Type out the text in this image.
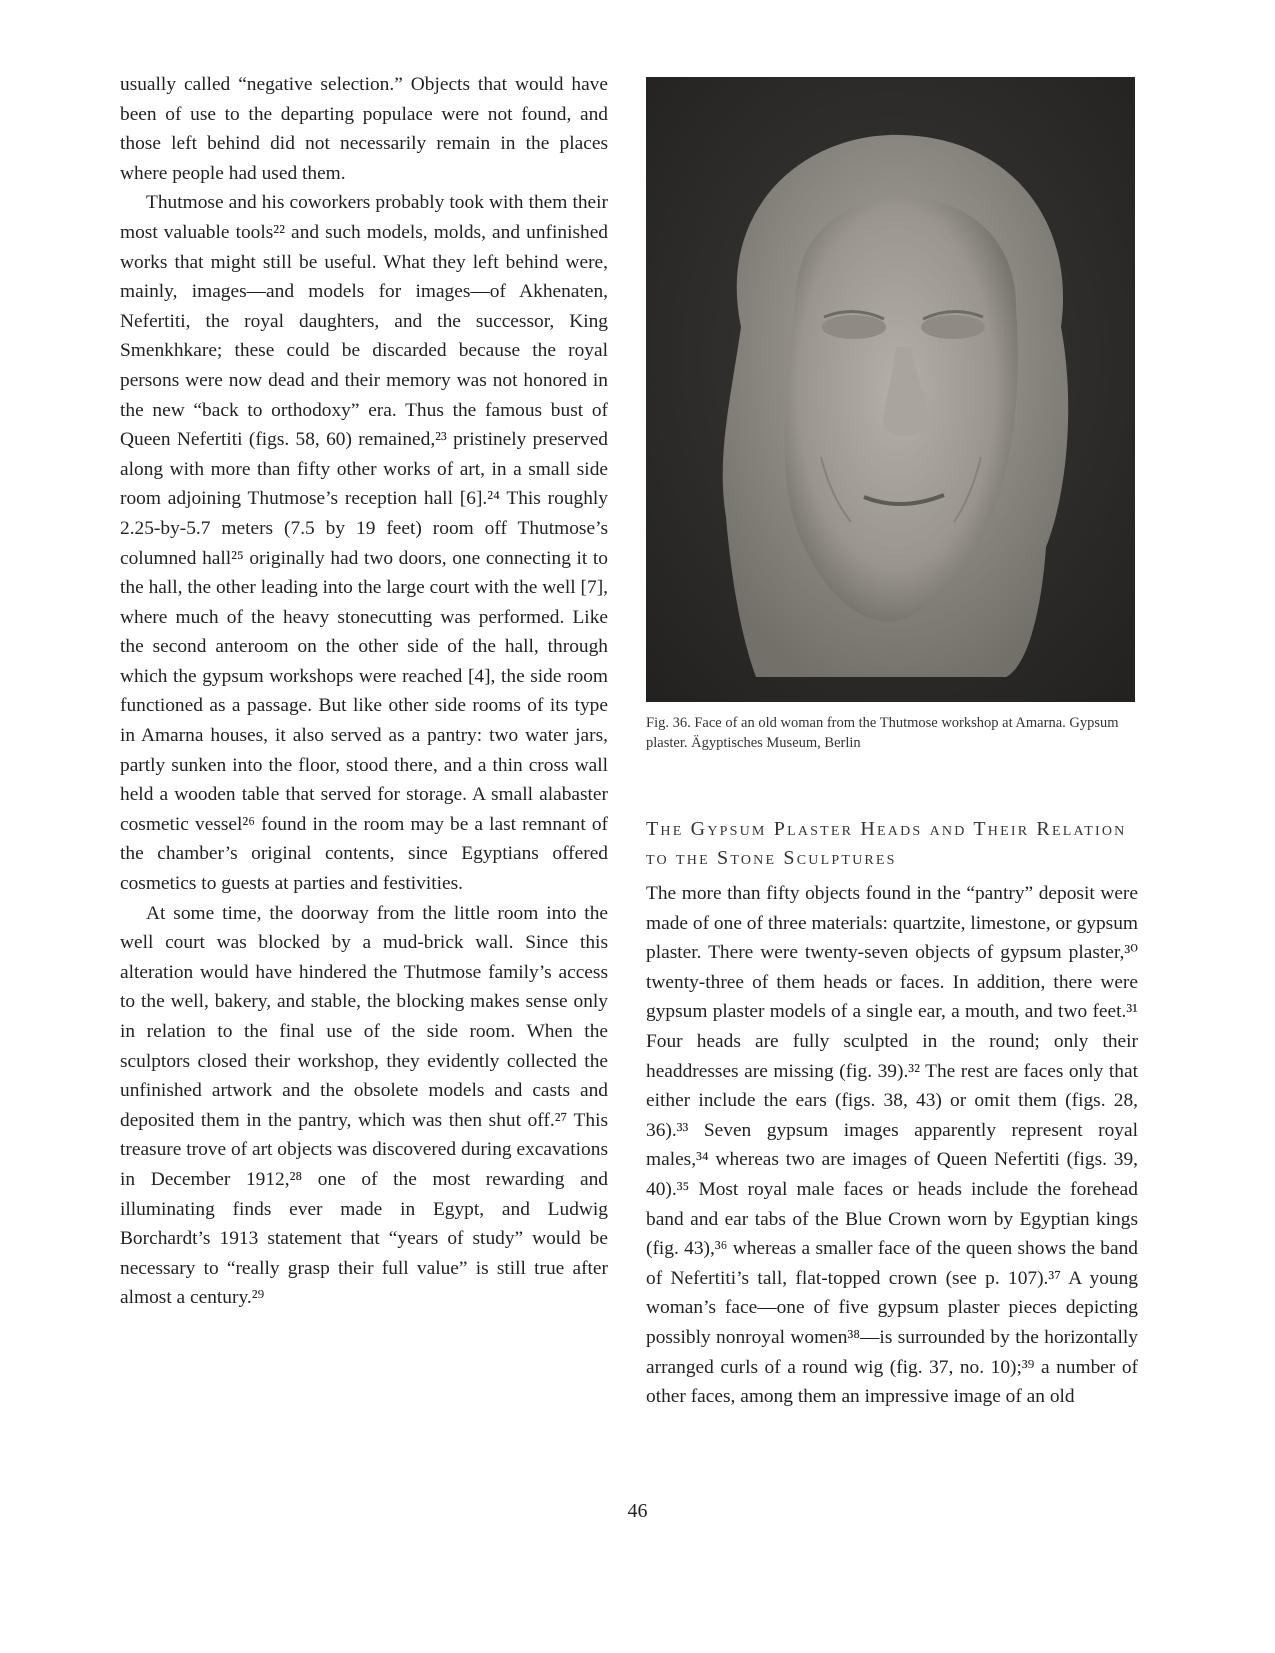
usually called “negative selection.” Objects that would have been of use to the departing populace were not found, and those left behind did not necessarily remain in the places where people had used them.

Thutmose and his coworkers probably took with them their most valuable tools²² and such models, molds, and unfinished works that might still be useful. What they left behind were, mainly, images—and models for images—of Akhenaten, Nefertiti, the royal daughters, and the successor, King Smenkhkare; these could be discarded because the royal persons were now dead and their memory was not honored in the new “back to orthodoxy” era. Thus the famous bust of Queen Nefertiti (figs. 58, 60) remained,²³ pristinely preserved along with more than fifty other works of art, in a small side room adjoining Thutmose’s reception hall [6].²⁴ This roughly 2.25-by-5.7 meters (7.5 by 19 feet) room off Thutmose’s columned hall²⁵ originally had two doors, one connecting it to the hall, the other leading into the large court with the well [7], where much of the heavy stonecutting was performed. Like the second anteroom on the other side of the hall, through which the gypsum workshops were reached [4], the side room functioned as a passage. But like other side rooms of its type in Amarna houses, it also served as a pantry: two water jars, partly sunken into the floor, stood there, and a thin cross wall held a wooden table that served for storage. A small alabaster cosmetic vessel²⁶ found in the room may be a last remnant of the chamber’s original contents, since Egyptians offered cosmetics to guests at parties and festivities.

At some time, the doorway from the little room into the well court was blocked by a mud-brick wall. Since this alteration would have hindered the Thutmose family’s access to the well, bakery, and stable, the blocking makes sense only in relation to the final use of the side room. When the sculptors closed their workshop, they evidently collected the unfinished artwork and the obsolete models and casts and deposited them in the pantry, which was then shut off.²⁷ This treasure trove of art objects was discovered during excavations in December 1912,²⁸ one of the most rewarding and illuminating finds ever made in Egypt, and Ludwig Borchardt’s 1913 statement that “years of study” would be necessary to “really grasp their full value” is still true after almost a century.²⁹

Fig. 36. Face of an old woman from the Thutmose workshop at Amarna. Gypsum plaster. Ägyptisches Museum, Berlin
The Gypsum Plaster Heads and Their Relation to the Stone Sculptures

The more than fifty objects found in the “pantry” deposit were made of one of three materials: quartzite, limestone, or gypsum plaster. There were twenty-seven objects of gypsum plaster,³⁰ twenty-three of them heads or faces. In addition, there were gypsum plaster models of a single ear, a mouth, and two feet.³¹ Four heads are fully sculpted in the round; only their headdresses are missing (fig. 39).³² The rest are faces only that either include the ears (figs. 38, 43) or omit them (figs. 28, 36).³³ Seven gypsum images apparently represent royal males,³⁴ whereas two are images of Queen Nefertiti (figs. 39, 40).³⁵ Most royal male faces or heads include the forehead band and ear tabs of the Blue Crown worn by Egyptian kings (fig. 43),³⁶ whereas a smaller face of the queen shows the band of Nefertiti’s tall, flat-topped crown (see p. 107).³⁷ A young woman’s face—one of five gypsum plaster pieces depicting possibly nonroyal women³⁸—is surrounded by the horizontally arranged curls of a round wig (fig. 37, no. 10);³⁹ a number of other faces, among them an impressive image of an old

46
